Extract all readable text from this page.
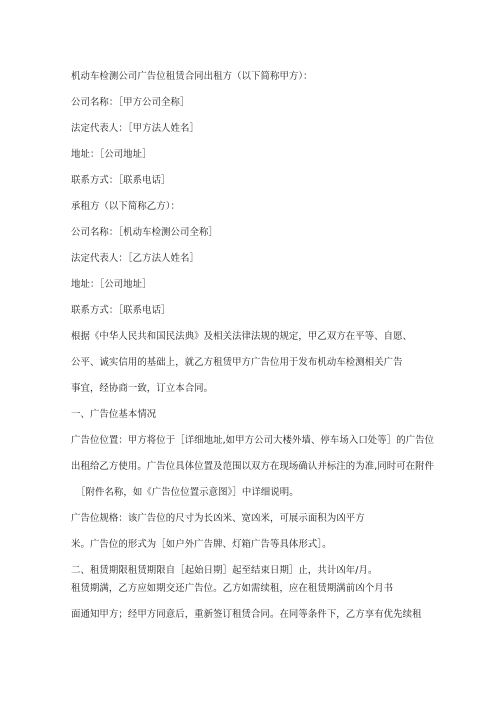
机动车检测公司广告位租赁合同出租方（以下简称甲方）：

公司名称：［甲方公司全称］

法定代表人：［甲方法人姓名］

地址：［公司地址］

联系方式：［联系电话］

承租方（以下简称乙方）：

公司名称：［机动车检测公司全称］

法定代表人：［乙方法人姓名］

地址：［公司地址］

联系方式：［联系电话］

根据《中华人民共和国民法典》及相关法律法规的规定，甲乙双方在平等、自愿、

公平、诚实信用的基础上，就乙方租赁甲方广告位用于发布机动车检测相关广告

事宜，经协商一致，订立本合同。

一、广告位基本情况

广告位位置：甲方将位于［详细地址,如甲方公司大楼外墙、停车场入口处等］的广告位

出租给乙方使用。广告位具体位置及范围以双方在现场确认并标注的为准,同时可在附件

［附件名称，如《广告位位置示意图》］中详细说明。

广告位规格：该广告位的尺寸为长凶米、宽凶米，可展示面积为凶平方

米。广告位的形式为［如户外广告牌、灯箱广告等具体形式］。

二、租赁期限租赁期限自［起始日期］起至结束日期］止，共计凶年/月。

租赁期满，乙方应如期交还广告位。乙方如需续租，应在租赁期满前凶个月书

面通知甲方；经甲方同意后，重新签订租赁合同。在同等条件下，乙方享有优先续租
